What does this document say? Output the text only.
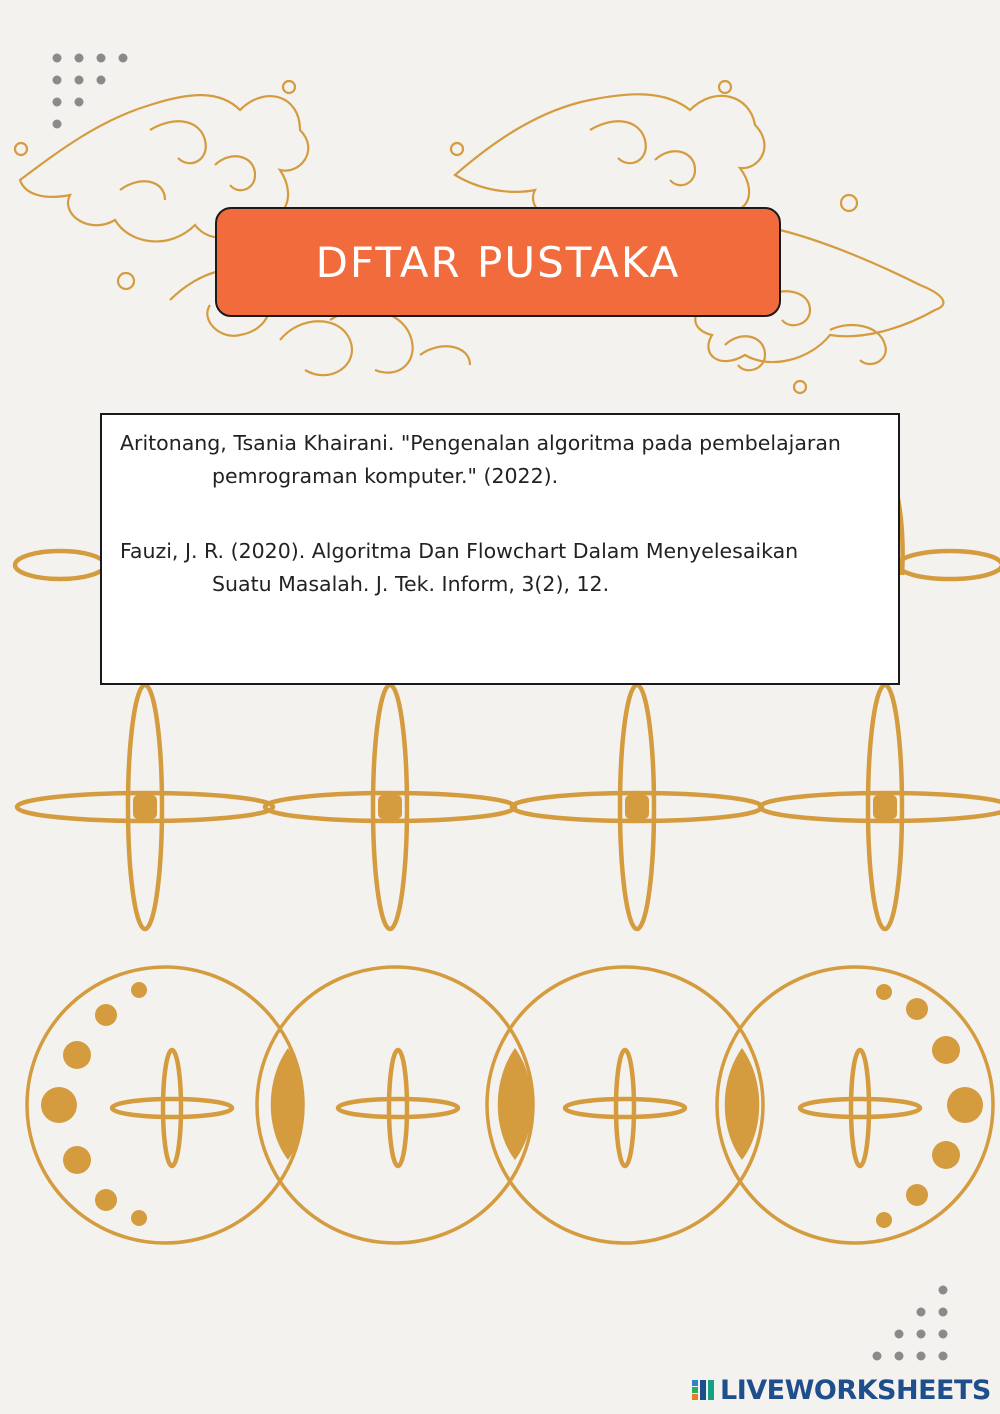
DFTAR PUSTAKA

Aritonang, Tsania Khairani. "Pengenalan algoritma pada pembelajaran
pemrograman komputer." (2022).

Fauzi, J. R. (2020). Algoritma Dan Flowchart Dalam Menyelesaikan
Suatu Masalah. J. Tek. Inform, 3(2), 12.

LIVEWORKSHEETS
